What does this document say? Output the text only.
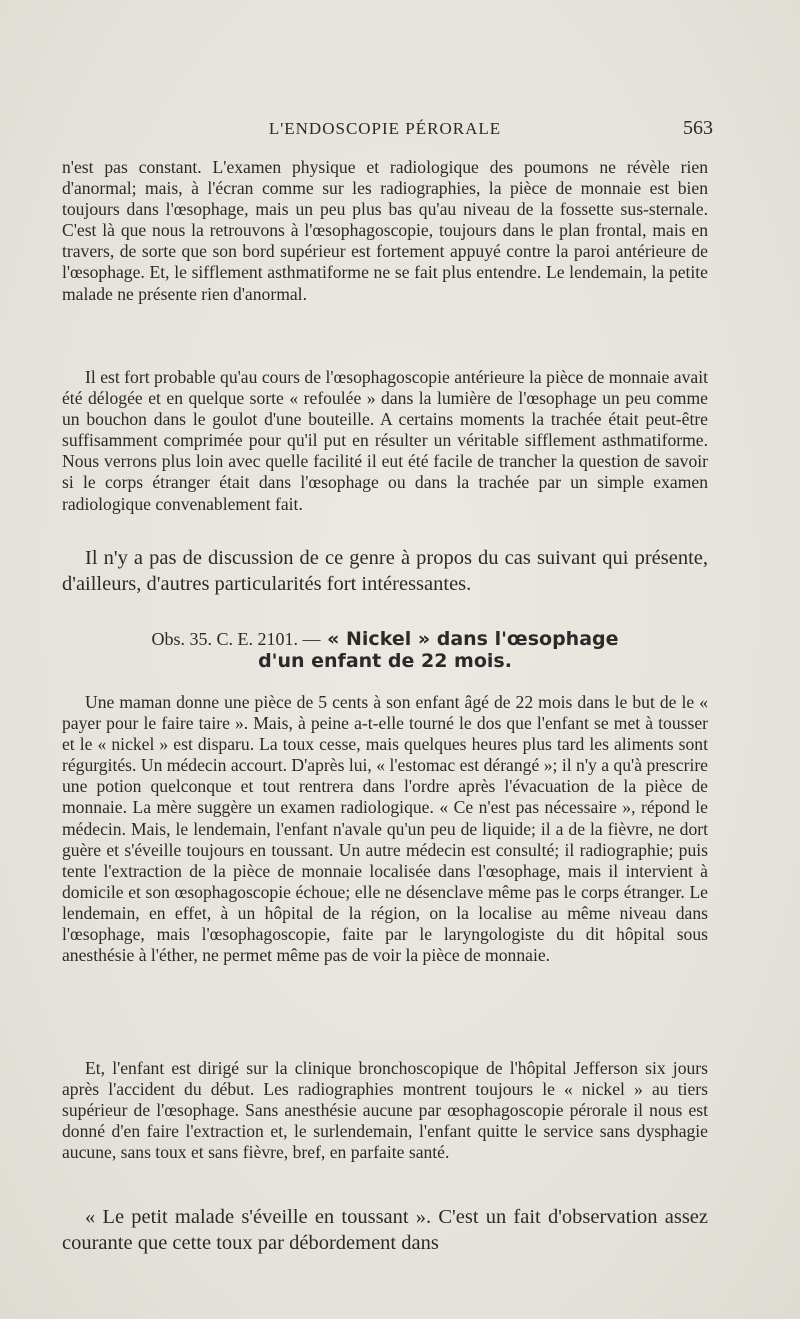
L'ENDOSCOPIE PÉRORALE	563

n'est pas constant. L'examen physique et radiologique des poumons ne révèle rien d'anormal; mais, à l'écran comme sur les radiographies, la pièce de monnaie est bien toujours dans l'œsophage, mais un peu plus bas qu'au niveau de la fossette sus-sternale. C'est là que nous la retrouvons à l'œsophagoscopie, toujours dans le plan frontal, mais en travers, de sorte que son bord supérieur est fortement appuyé contre la paroi antérieure de l'œsophage. Et, le sifflement asthmatiforme ne se fait plus entendre. Le lendemain, la petite malade ne présente rien d'anormal.

Il est fort probable qu'au cours de l'œsophagoscopie antérieure la pièce de monnaie avait été délogée et en quelque sorte « refoulée » dans la lumière de l'œsophage un peu comme un bouchon dans le goulot d'une bouteille. A certains moments la trachée était peut-être suffisamment comprimée pour qu'il put en résulter un véritable sifflement asthmatiforme. Nous verrons plus loin avec quelle facilité il eut été facile de trancher la question de savoir si le corps étranger était dans l'œsophage ou dans la trachée par un simple examen radiologique convenablement fait.

Il n'y a pas de discussion de ce genre à propos du cas suivant qui présente, d'ailleurs, d'autres particularités fort intéressantes.

Obs. 35. C. E. 2101. — « Nickel » dans l'œsophage
d'un enfant de 22 mois.

Une maman donne une pièce de 5 cents à son enfant âgé de 22 mois dans le but de le « payer pour le faire taire ». Mais, à peine a-t-elle tourné le dos que l'enfant se met à tousser et le « nickel » est disparu. La toux cesse, mais quelques heures plus tard les aliments sont régurgités. Un médecin accourt. D'après lui, « l'estomac est dérangé »; il n'y a qu'à prescrire une potion quelconque et tout rentrera dans l'ordre après l'évacuation de la pièce de monnaie. La mère suggère un examen radiologique. « Ce n'est pas nécessaire », répond le médecin. Mais, le lendemain, l'enfant n'avale qu'un peu de liquide; il a de la fièvre, ne dort guère et s'éveille toujours en toussant. Un autre médecin est consulté; il radiographie; puis tente l'extraction de la pièce de monnaie localisée dans l'œsophage, mais il intervient à domicile et son œsophagoscopie échoue; elle ne désenclave même pas le corps étranger. Le lendemain, en effet, à un hôpital de la région, on la localise au même niveau dans l'œsophage, mais l'œsophagoscopie, faite par le laryngologiste du dit hôpital sous anesthésie à l'éther, ne permet même pas de voir la pièce de monnaie.

Et, l'enfant est dirigé sur la clinique bronchoscopique de l'hôpital Jefferson six jours après l'accident du début. Les radiographies montrent toujours le « nickel » au tiers supérieur de l'œsophage. Sans anesthésie aucune par œsophagoscopie pérorale il nous est donné d'en faire l'extraction et, le surlendemain, l'enfant quitte le service sans dysphagie aucune, sans toux et sans fièvre, bref, en parfaite santé.

« Le petit malade s'éveille en toussant ». C'est un fait d'observation assez courante que cette toux par débordement dans
